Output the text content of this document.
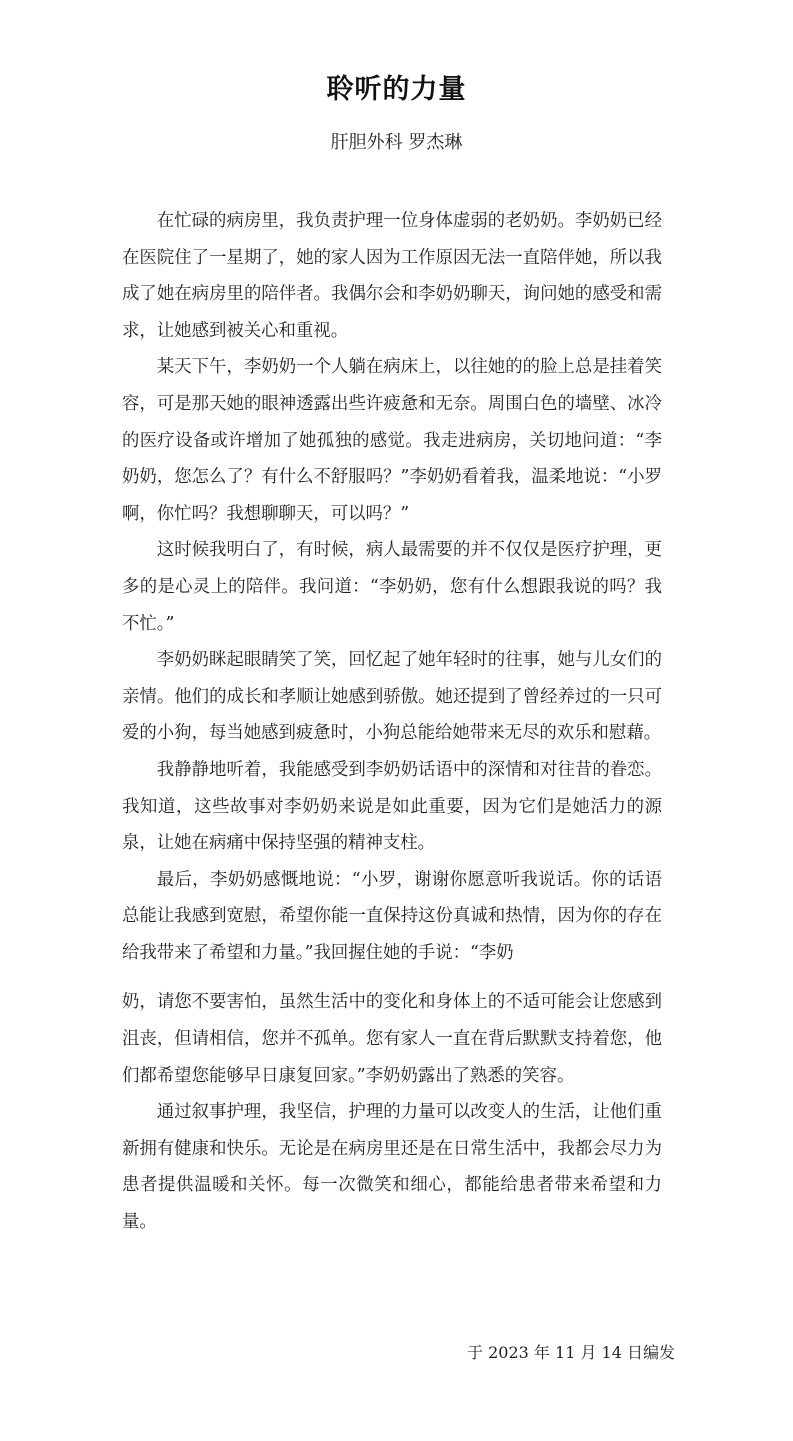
聆听的力量
肝胆外科 罗杰琳

在忙碌的病房里，我负责护理一位身体虚弱的老奶奶。李奶奶已经在医院住了一星期了，她的家人因为工作原因无法一直陪伴她，所以我成了她在病房里的陪伴者。我偶尔会和李奶奶聊天，询问她的感受和需求，让她感到被关心和重视。

某天下午，李奶奶一个人躺在病床上，以往她的的脸上总是挂着笑容，可是那天她的眼神透露出些许疲惫和无奈。周围白色的墙壁、冰冷的医疗设备或许增加了她孤独的感觉。我走进病房，关切地问道：“李奶奶，您怎么了？有什么不舒服吗？”李奶奶看着我，温柔地说：“小罗啊，你忙吗？我想聊聊天，可以吗？”

这时候我明白了，有时候，病人最需要的并不仅仅是医疗护理，更多的是心灵上的陪伴。我问道：“李奶奶，您有什么想跟我说的吗？我不忙。”

李奶奶眯起眼睛笑了笑，回忆起了她年轻时的往事，她与儿女们的亲情。他们的成长和孝顺让她感到骄傲。她还提到了曾经养过的一只可爱的小狗，每当她感到疲惫时，小狗总能给她带来无尽的欢乐和慰藉。

我静静地听着，我能感受到李奶奶话语中的深情和对往昔的眷恋。我知道，这些故事对李奶奶来说是如此重要，因为它们是她活力的源泉，让她在病痛中保持坚强的精神支柱。

最后，李奶奶感慨地说：“小罗，谢谢你愿意听我说话。你的话语总能让我感到宽慰，希望你能一直保持这份真诚和热情，因为你的存在给我带来了希望和力量。”我回握住她的手说：“李奶

奶，请您不要害怕，虽然生活中的变化和身体上的不适可能会让您感到沮丧，但请相信，您并不孤单。您有家人一直在背后默默支持着您，他们都希望您能够早日康复回家。”李奶奶露出了熟悉的笑容。

通过叙事护理，我坚信，护理的力量可以改变人的生活，让他们重新拥有健康和快乐。无论是在病房里还是在日常生活中，我都会尽力为患者提供温暖和关怀。每一次微笑和细心，都能给患者带来希望和力量。

于 2023 年 11 月 14 日编发
